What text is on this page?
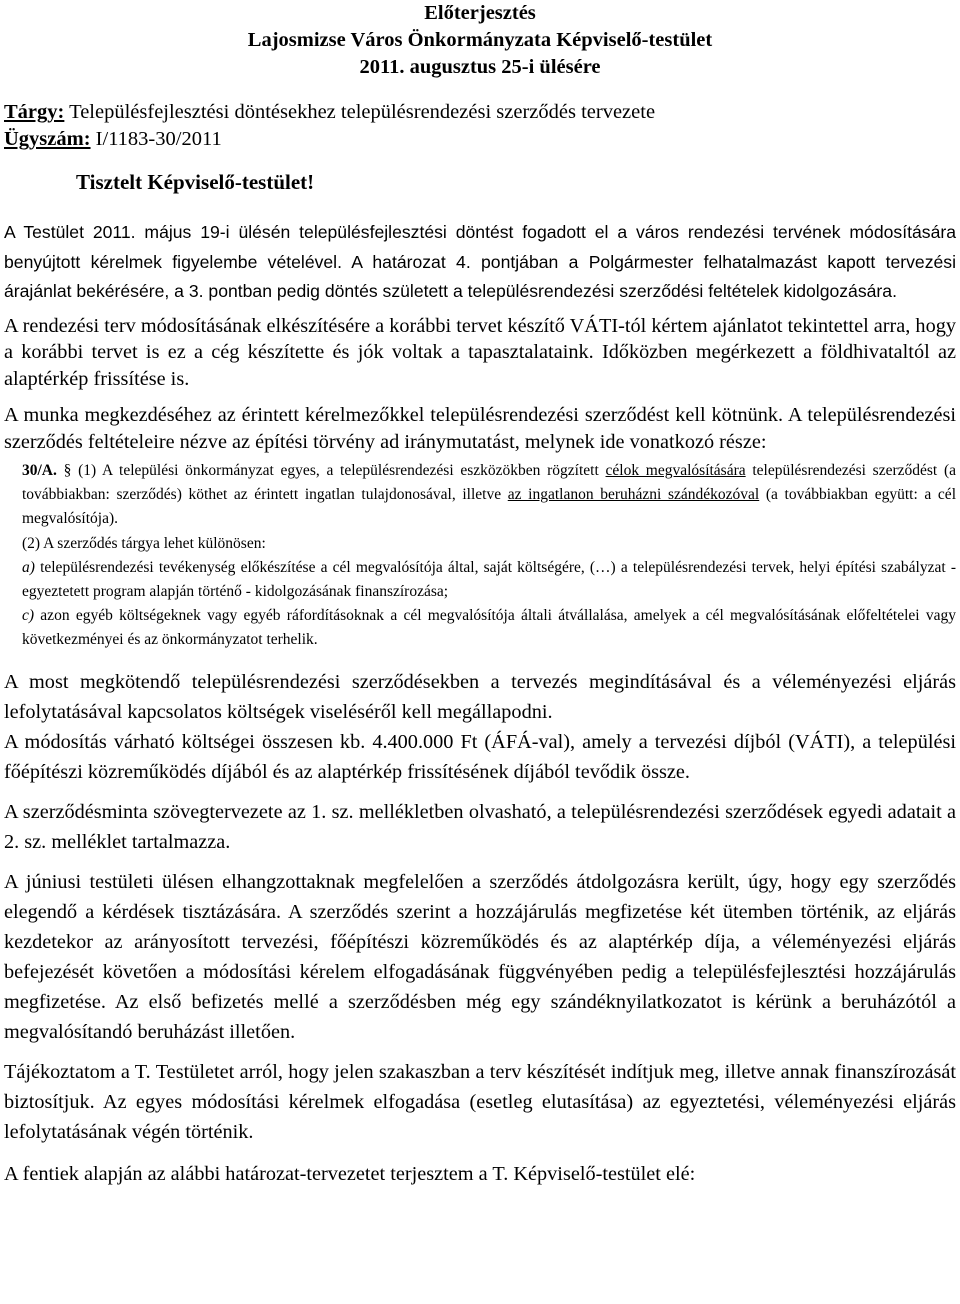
Előterjesztés
Lajosmizse Város Önkormányzata Képviselő-testület
2011. augusztus 25-i ülésére
Tárgy: Településfejlesztési döntésekhez településrendezési szerződés tervezete
Ügyszám: I/1183-30/2011
Tisztelt Képviselő-testület!

A Testület 2011. május 19-i ülésén településfejlesztési döntést fogadott el a város rendezési tervének módosítására benyújtott kérelmek figyelembe vételével. A határozat 4. pontjában a Polgármester felhatalmazást kapott tervezési árajánlat bekérésére, a 3. pontban pedig döntés született a településrendezési szerződési feltételek kidolgozására.

A rendezési terv módosításának elkészítésére a korábbi tervet készítő VÁTI-tól kértem ajánlatot tekintettel arra, hogy a korábbi tervet is ez a cég készítette és jók voltak a tapasztalataink. Időközben megérkezett a földhivataltól az alaptérkép frissítése is.

A munka megkezdéséhez az érintett kérelmezőkkel településrendezési szerződést kell kötnünk. A településrendezési szerződés feltételeire nézve az építési törvény ad iránymutatást, melynek ide vonatkozó része:

30/A. § (1) A települési önkormányzat egyes, a településrendezési eszközökben rögzített célok megvalósítására településrendezési szerződést (a továbbiakban: szerződés) köthet az érintett ingatlan tulajdonosával, illetve az ingatlanon beruházni szándékozóval (a továbbiakban együtt: a cél megvalósítója).

(2) A szerződés tárgya lehet különösen:

a) településrendezési tevékenység előkészítése a cél megvalósítója által, saját költségére, (…) a településrendezési tervek, helyi építési szabályzat - egyeztetett program alapján történő - kidolgozásának finanszírozása;

c) azon egyéb költségeknek vagy egyéb ráfordításoknak a cél megvalósítója általi átvállalása, amelyek a cél megvalósításának előfeltételei vagy következményei és az önkormányzatot terhelik.

A most megkötendő településrendezési szerződésekben a tervezés megindításával és a véleményezési eljárás lefolytatásával kapcsolatos költségek viseléséről kell megállapodni.

A módosítás várható költségei összesen kb. 4.400.000 Ft (ÁFÁ-val), amely a tervezési díjból (VÁTI), a települési főépítészi közreműködés díjából és az alaptérkép frissítésének díjából tevődik össze.

A szerződésminta szövegtervezete az 1. sz. mellékletben olvasható, a településrendezési szerződések egyedi adatait a 2. sz. melléklet tartalmazza.

A júniusi testületi ülésen elhangzottaknak megfelelően a szerződés átdolgozásra került, úgy, hogy egy szerződés elegendő a kérdések tisztázására. A szerződés szerint a hozzájárulás megfizetése két ütemben történik, az eljárás kezdetekor az arányosított tervezési, főépítészi közreműködés és az alaptérkép díja, a véleményezési eljárás befejezését követően a módosítási kérelem elfogadásának függvényében pedig a településfejlesztési hozzájárulás megfizetése. Az első befizetés mellé a szerződésben még egy szándéknyilatkozatot is kérünk a beruházótól a megvalósítandó beruházást illetően.

Tájékoztatom a T. Testületet arról, hogy jelen szakaszban a terv készítését indítjuk meg, illetve annak finanszírozását biztosítjuk. Az egyes módosítási kérelmek elfogadása (esetleg elutasítása) az egyeztetési, véleményezési eljárás lefolytatásának végén történik.

A fentiek alapján az alábbi határozat-tervezetet terjesztem a T. Képviselő-testület elé:
